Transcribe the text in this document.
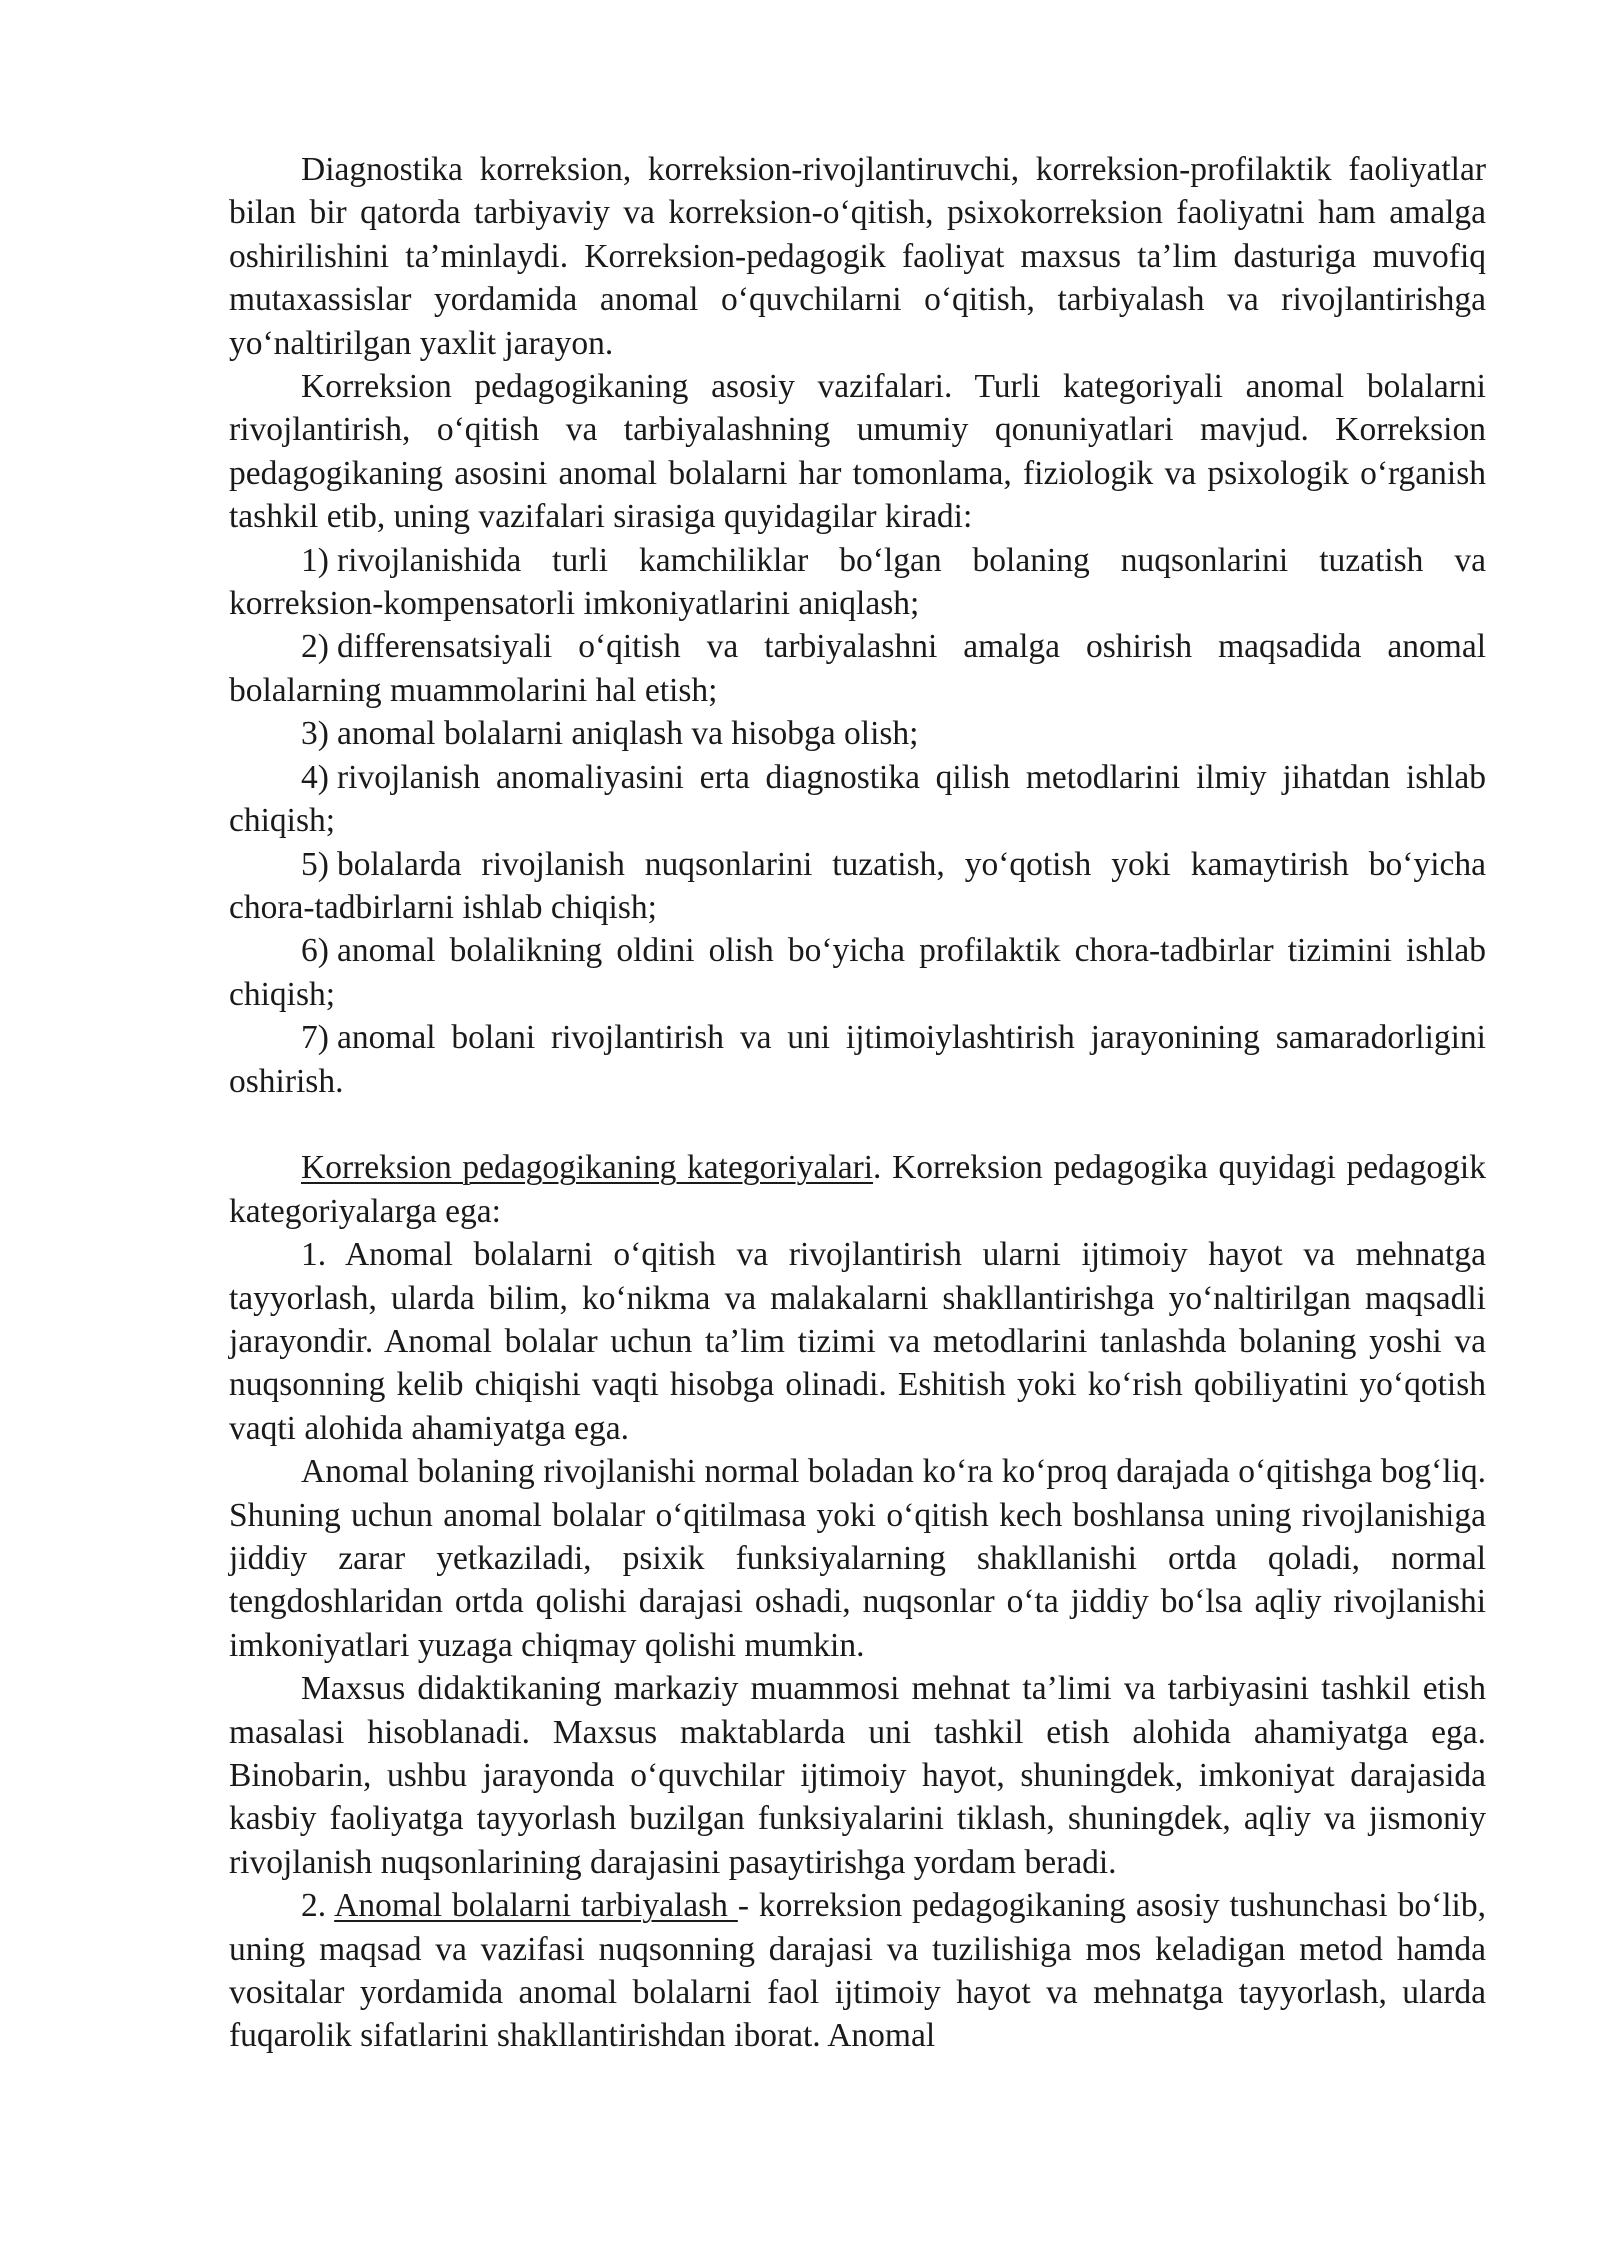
Diagnostika korreksion, korreksion-rivojlantiruvchi, korreksion-profilaktik faoliyatlar bilan bir qatorda tarbiyaviy va korreksion-o‘qitish, psixokorreksion faoliyatni ham amalga oshirilishini ta’minlaydi. Korreksion-pedagogik faoliyat maxsus ta’lim dasturiga muvofiq mutaxassislar yordamida anomal o‘quvchilarni o‘qitish, tarbiyalash va rivojlantirishga yo‘naltirilgan yaxlit jarayon.

Korreksion pedagogikaning asosiy vazifalari. Turli kategoriyali anomal bolalarni rivojlantirish, o‘qitish va tarbiyalashning umumiy qonuniyatlari mavjud. Korreksion pedagogikaning asosini anomal bolalarni har tomonlama, fiziologik va psixologik o‘rganish tashkil etib, uning vazifalari sirasiga quyidagilar kiradi:

1) rivojlanishida turli kamchiliklar bo‘lgan bolaning nuqsonlarini tuzatish va korreksion-kompensatorli imkoniyatlarini aniqlash;

2) differensatsiyali o‘qitish va tarbiyalashni amalga oshirish maqsadida anomal bolalarning muammolarini hal etish;

3) anomal bolalarni aniqlash va hisobga olish;

4) rivojlanish anomaliyasini erta diagnostika qilish metodlarini ilmiy jihatdan ishlab chiqish;

5) bolalarda rivojlanish nuqsonlarini tuzatish, yo‘qotish yoki kamaytirish bo‘yicha chora-tadbirlarni ishlab chiqish;

6) anomal bolalikning oldini olish bo‘yicha profilaktik chora-tadbirlar tizimini ishlab chiqish;

7) anomal bolani rivojlantirish va uni ijtimoiylashtirish jarayonining samaradorligini oshirish.

Korreksion pedagogikaning kategoriyalari. Korreksion pedagogika quyidagi pedagogik kategoriyalarga ega:

1. Anomal bolalarni o‘qitish va rivojlantirish ularni ijtimoiy hayot va mehnatga tayyorlash, ularda bilim, ko‘nikma va malakalarni shakllantirishga yo‘naltirilgan maqsadli jarayondir. Anomal bolalar uchun ta’lim tizimi va metodlarini tanlashda bolaning yoshi va nuqsonning kelib chiqishi vaqti hisobga olinadi. Eshitish yoki ko‘rish qobiliyatini yo‘qotish vaqti alohida ahamiyatga ega.

Anomal bolaning rivojlanishi normal boladan ko‘ra ko‘proq darajada o‘qitishga bog‘liq. Shuning uchun anomal bolalar o‘qitilmasa yoki o‘qitish kech boshlansa uning rivojlanishiga jiddiy zarar yetkaziladi, psixik funksiyalarning shakllanishi ortda qoladi, normal tengdoshlaridan ortda qolishi darajasi oshadi, nuqsonlar o‘ta jiddiy bo‘lsa aqliy rivojlanishi imkoniyatlari yuzaga chiqmay qolishi mumkin.

Maxsus didaktikaning markaziy muammosi mehnat ta’limi va tarbiyasini tashkil etish masalasi hisoblanadi. Maxsus maktablarda uni tashkil etish alohida ahamiyatga ega. Binobarin, ushbu jarayonda o‘quvchilar ijtimoiy hayot, shuningdek, imkoniyat darajasida kasbiy faoliyatga tayyorlash buzilgan funksiyalarini tiklash, shuningdek, aqliy va jismoniy rivojlanish nuqsonlarining darajasini pasaytirishga yordam beradi.

2. Anomal bolalarni tarbiyalash - korreksion pedagogikaning asosiy tushunchasi bo‘lib, uning maqsad va vazifasi nuqsonning darajasi va tuzilishiga mos keladigan metod hamda vositalar yordamida anomal bolalarni faol ijtimoiy hayot va mehnatga tayyorlash, ularda fuqarolik sifatlarini shakllantirishdan iborat. Anomal
